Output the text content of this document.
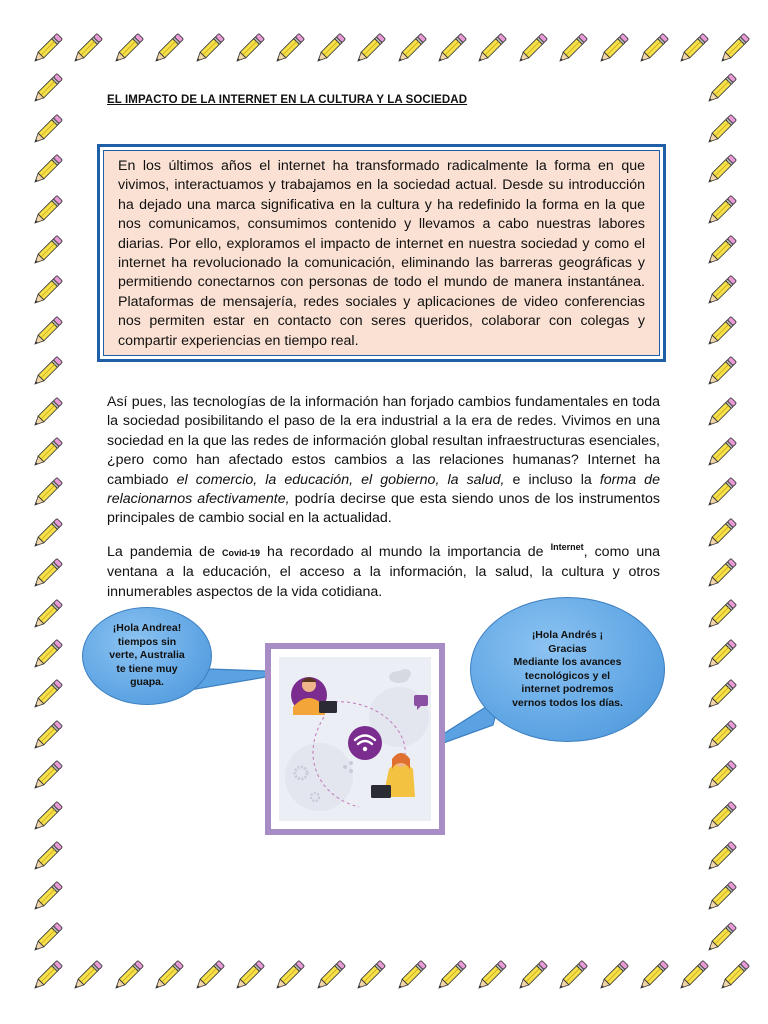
EL IMPACTO DE LA INTERNET EN LA CULTURA Y LA SOCIEDAD
En los últimos años el internet ha transformado radicalmente la forma en que vivimos, interactuamos y trabajamos en la sociedad actual. Desde su introducción ha dejado una marca significativa en la cultura y ha redefinido la forma en la que nos comunicamos, consumimos contenido y llevamos a cabo nuestras labores diarias. Por ello, exploramos el impacto de internet en nuestra sociedad y como el internet ha revolucionado la comunicación, eliminando las barreras geográficas y permitiendo conectarnos con personas de todo el mundo de manera instantánea. Plataformas de mensajería, redes sociales y aplicaciones de video conferencias nos permiten estar en contacto con seres queridos, colaborar con colegas y compartir experiencias en tiempo real.
Así pues, las tecnologías de la información han forjado cambios fundamentales en toda la sociedad posibilitando el paso de la era industrial a la era de redes. Vivimos en una sociedad en la que las redes de información global resultan infraestructuras esenciales, ¿pero como han afectado estos cambios a las relaciones humanas? Internet ha cambiado el comercio, la educación, el gobierno, la salud, e incluso la forma de relacionarnos afectivamente, podría decirse que esta siendo unos de los instrumentos principales de cambio social en la actualidad.
La pandemia de Covid-19 ha recordado al mundo la importancia de $^{Internet}$, como una ventana a la educación, el acceso a la información, la salud, la cultura y otros innumerables aspectos de la vida cotidiana.
¡Hola Andrea!
tiempos sin
verte, Australia
te tiene muy
guapa.
¡Hola Andrés ¡
Gracias
Mediante los avances
tecnológicos y el
internet podremos
vernos todos los días.
